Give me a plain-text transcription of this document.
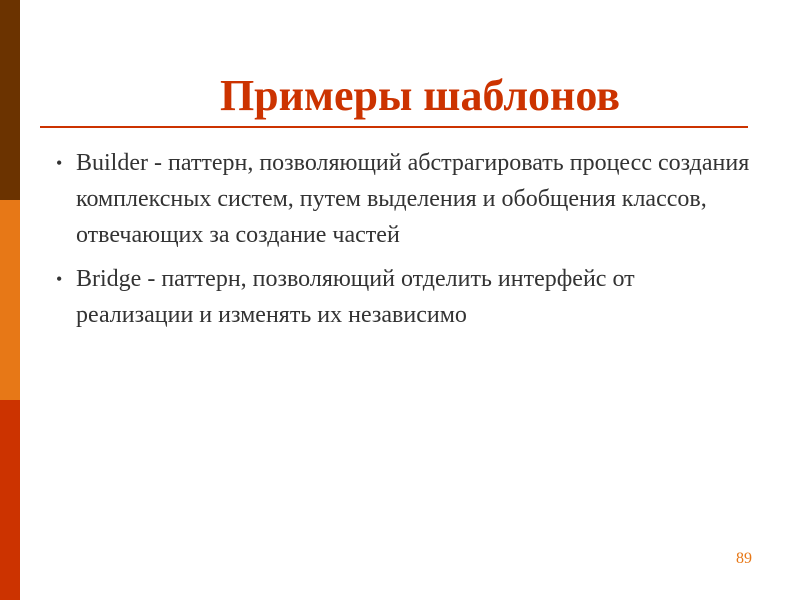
Примеры шаблонов
• Builder - паттерн, позволяющий абстрагировать процесс создания комплексных систем, путем выделения и обобщения классов, отвечающих за создание частей
• Bridge - паттерн, позволяющий отделить интерфейс от реализации и изменять их независимо
89
